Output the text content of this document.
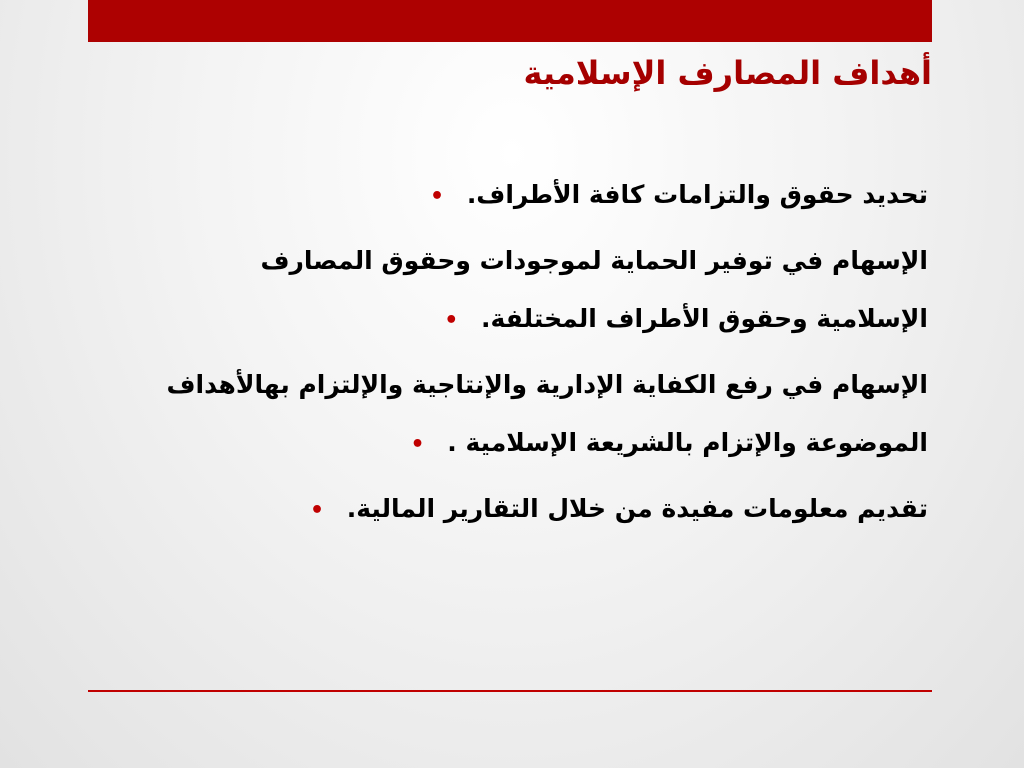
أهداف المصارف الإسلامية
تحديد حقوق والتزامات كافة الأطراف. •
الإسهام في توفير الحماية لموجودات وحقوق المصارف الإسلامية وحقوق الأطراف المختلفة. •
الإسهام في رفع الكفاية الإدارية والإنتاجية والإلتزام بهالأهداف الموضوعة والإتزام بالشريعة الإسلامية . •
تقديم معلومات مفيدة من خلال التقارير المالية. •
